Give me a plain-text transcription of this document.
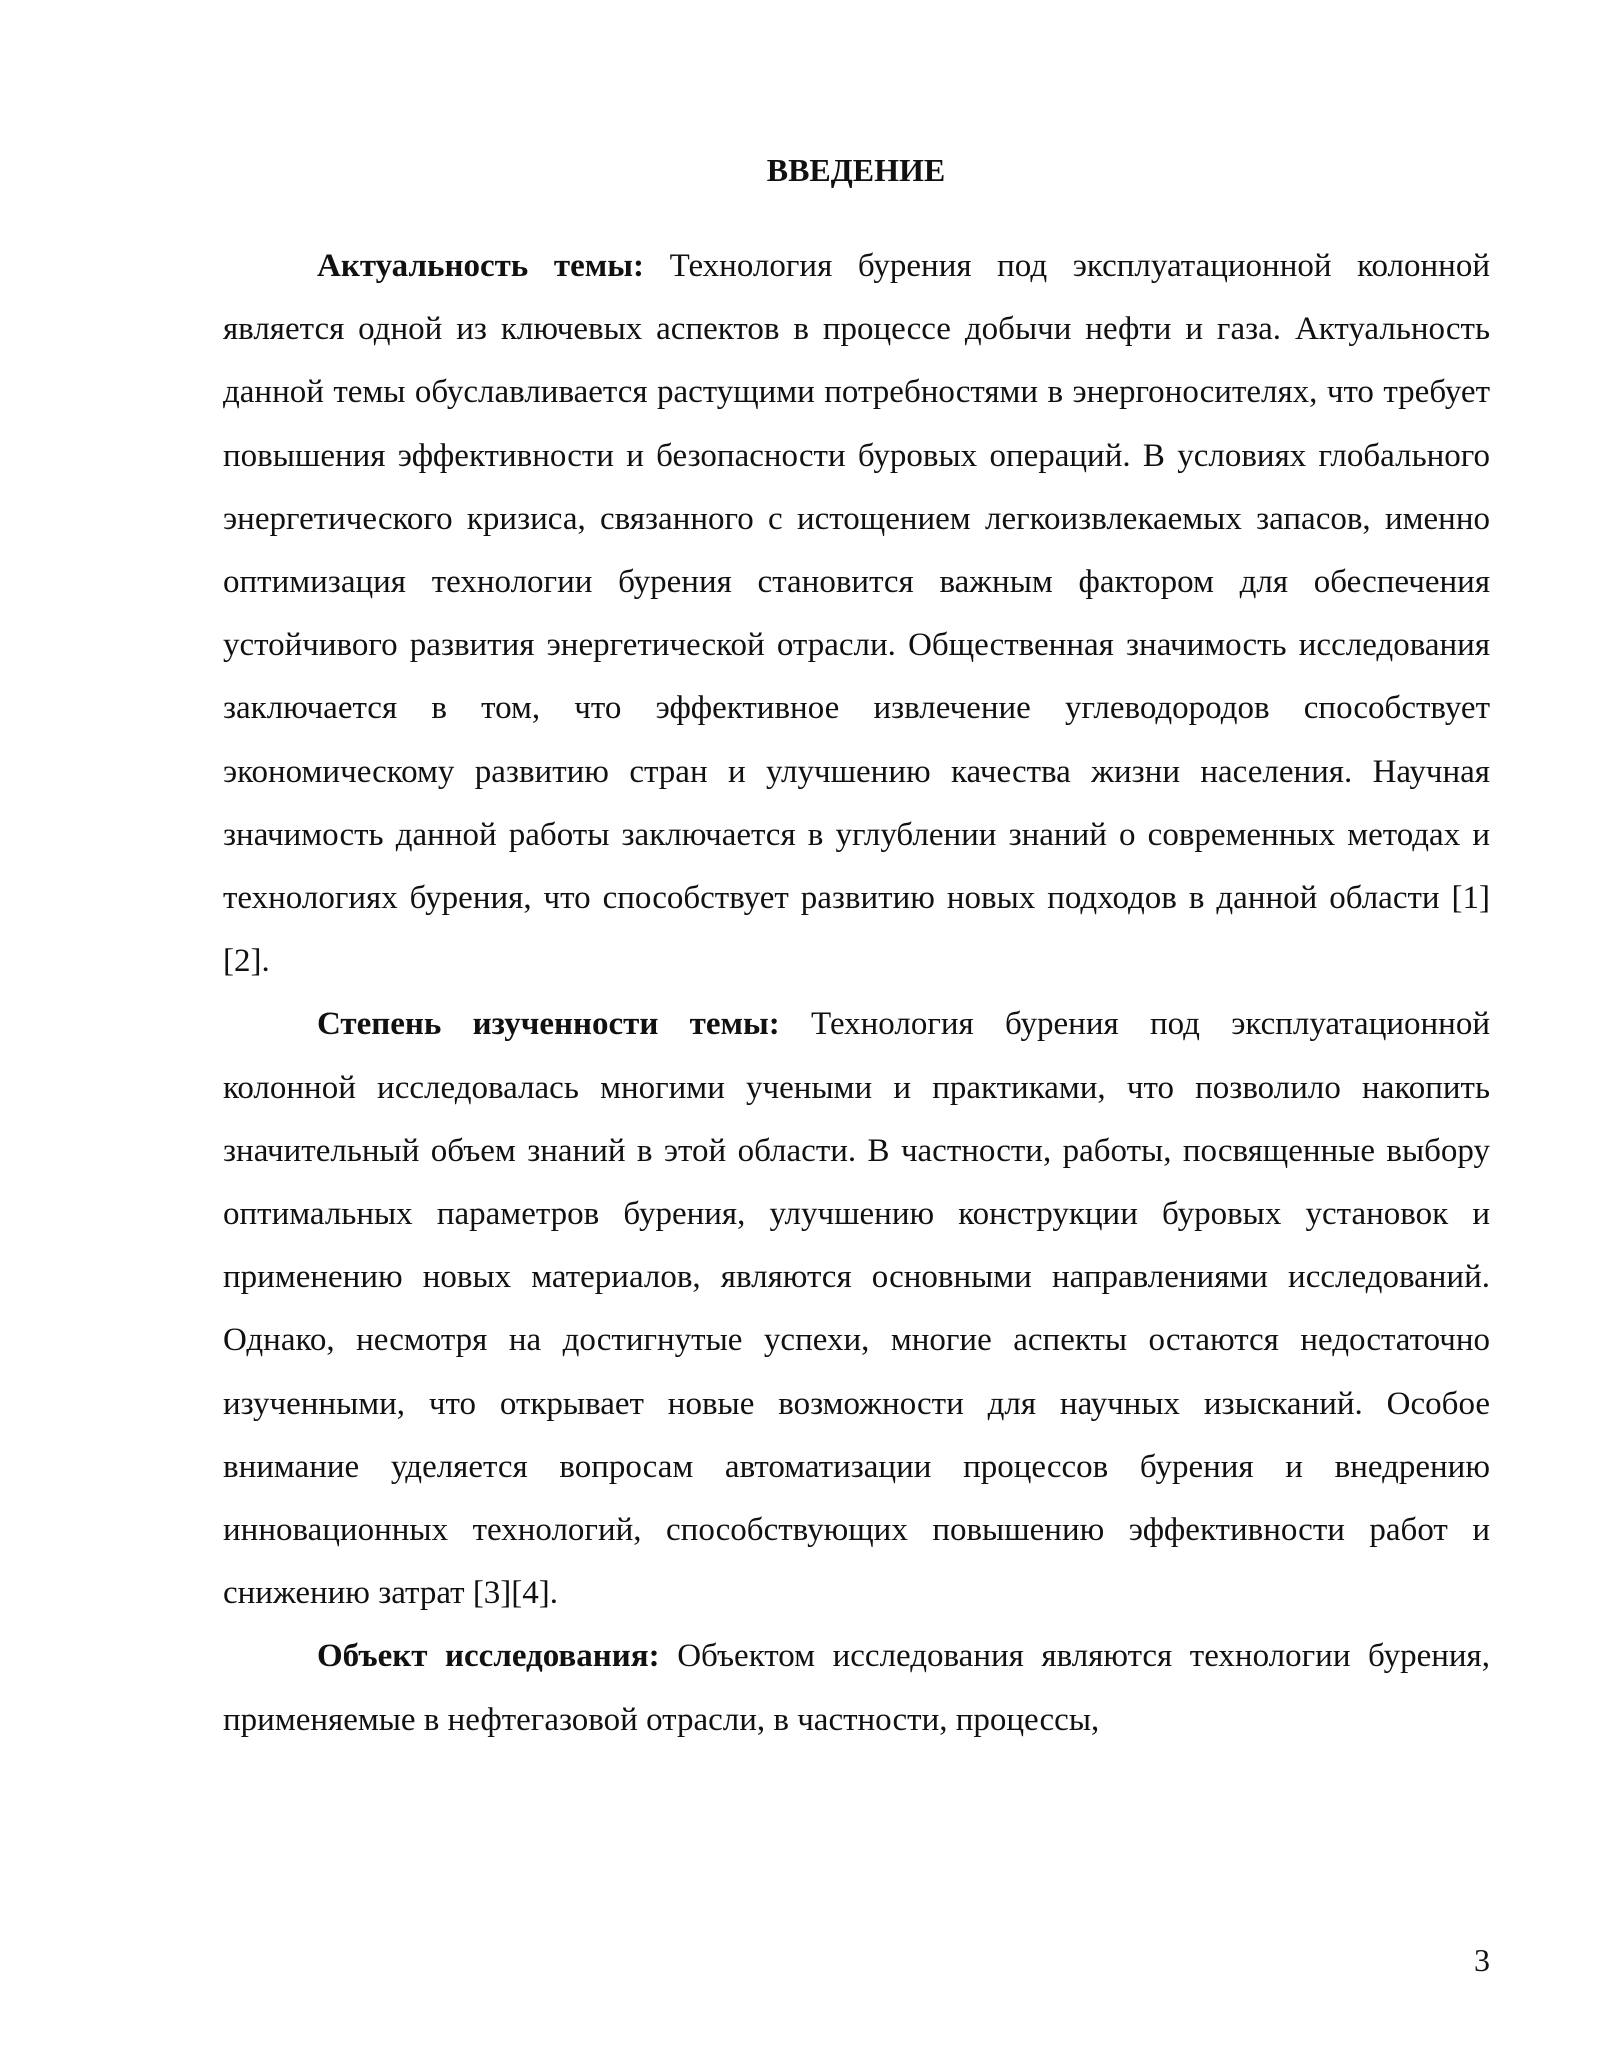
ВВЕДЕНИЕ

Актуальность темы: Технология бурения под эксплуатационной колонной является одной из ключевых аспектов в процессе добычи нефти и газа. Актуальность данной темы обуславливается растущими потребностями в энергоносителях, что требует повышения эффективности и безопасности буровых операций. В условиях глобального энергетического кризиса, связанного с истощением легкоизвлекаемых запасов, именно оптимизация технологии бурения становится важным фактором для обеспечения устойчивого развития энергетической отрасли. Общественная значимость исследования заключается в том, что эффективное извлечение углеводородов способствует экономическому развитию стран и улучшению качества жизни населения. Научная значимость данной работы заключается в углублении знаний о современных методах и технологиях бурения, что способствует развитию новых подходов в данной области [1][2].

Степень изученности темы: Технология бурения под эксплуатационной колонной исследовалась многими учеными и практиками, что позволило накопить значительный объем знаний в этой области. В частности, работы, посвященные выбору оптимальных параметров бурения, улучшению конструкции буровых установок и применению новых материалов, являются основными направлениями исследований. Однако, несмотря на достигнутые успехи, многие аспекты остаются недостаточно изученными, что открывает новые возможности для научных изысканий. Особое внимание уделяется вопросам автоматизации процессов бурения и внедрению инновационных технологий, способствующих повышению эффективности работ и снижению затрат [3][4].

Объект исследования: Объектом исследования являются технологии бурения, применяемые в нефтегазовой отрасли, в частности, процессы,

3
